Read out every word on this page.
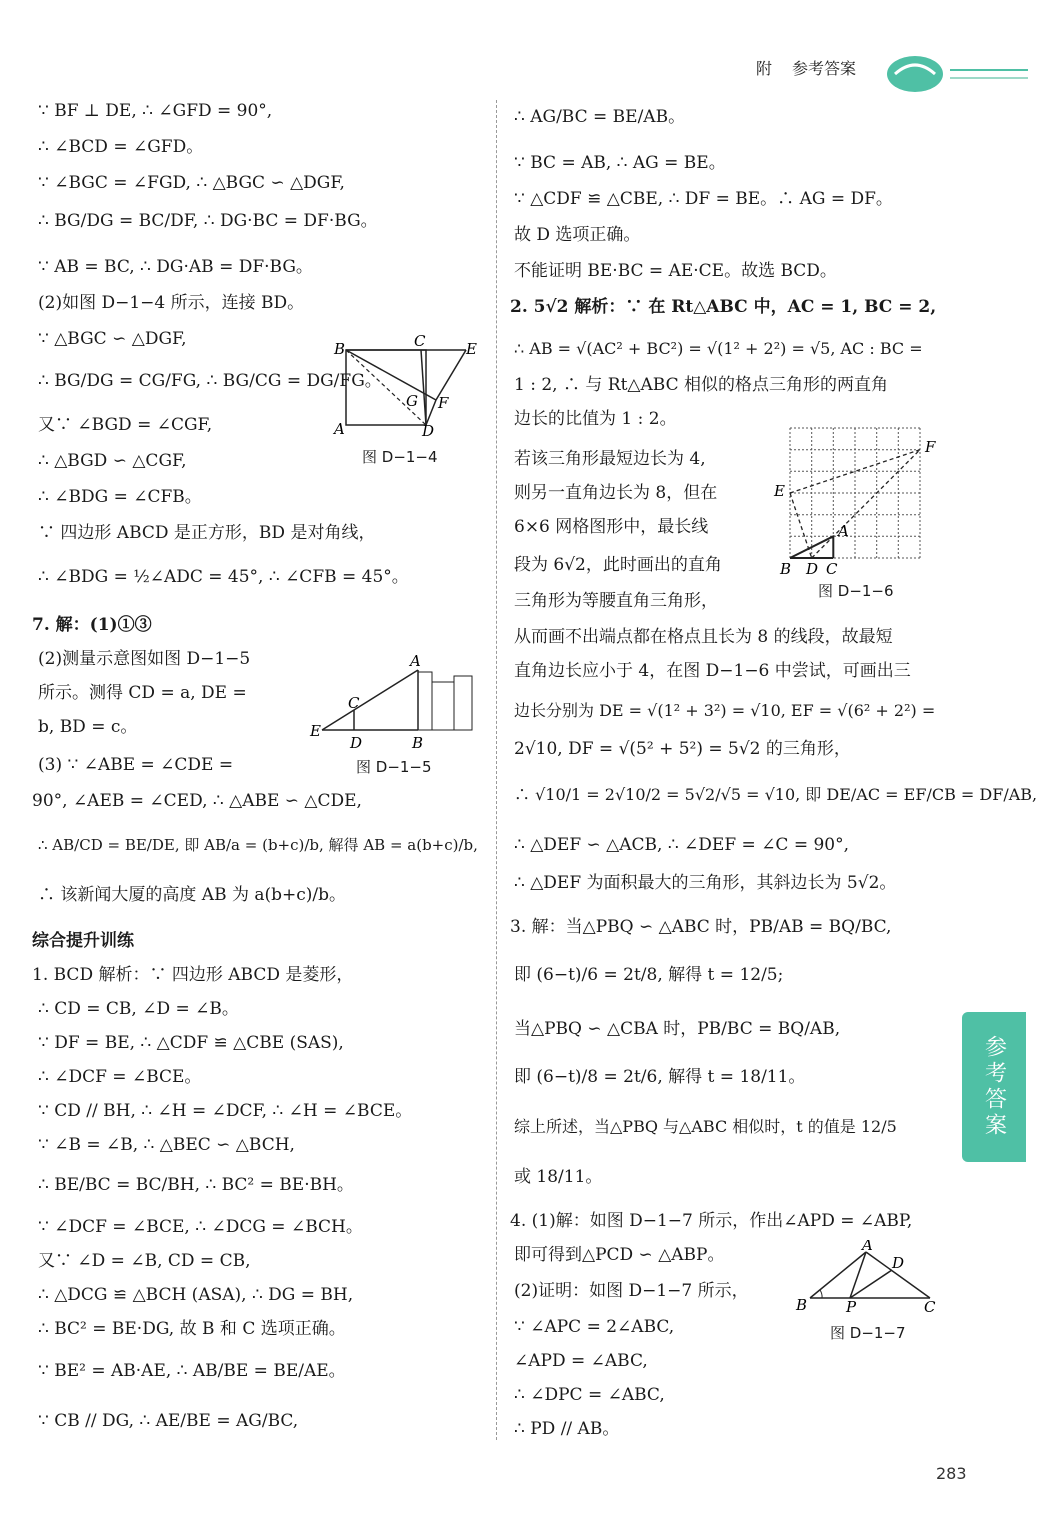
附 参考答案
∵ BF ⊥ DE, ∴ ∠GFD = 90°,
∴ ∠BCD = ∠GFD。
∵ ∠BGC = ∠FGD, ∴ △BGC ∽ △DGF,
∴ BG/DG = BC/DF, ∴ DG·BC = DF·BG。
∵ AB = BC, ∴ DG·AB = DF·BG。
(2)如图 D−1−4 所示，连接 BD。
∵ △BGC ∽ △DGF,
∴ BG/DG = CG/FG, ∴ BG/CG = DG/FG。
又∵ ∠BGD = ∠CGF,
∴ △BGD ∽ △CGF,
∴ ∠BDG = ∠CFB。
∵ 四边形 ABCD 是正方形，BD 是对角线，
∴ ∠BDG = ½∠ADC = 45°, ∴ ∠CFB = 45°。
7. 解：(1)①③
(2)测量示意图如图 D−1−5
所示。测得 CD = a, DE =
b, BD = c。
(3) ∵ ∠ABE = ∠CDE =
90°, ∠AEB = ∠CED, ∴ △ABE ∽ △CDE,
∴ AB/CD = BE/DE, 即 AB/a = (b+c)/b, 解得 AB = a(b+c)/b,
∴ 该新闻大厦的高度 AB 为 a(b+c)/b。
综合提升训练
1. BCD 解析：∵ 四边形 ABCD 是菱形，
∴ CD = CB, ∠D = ∠B。
∵ DF = BE, ∴ △CDF ≌ △CBE (SAS),
∴ ∠DCF = ∠BCE。
∵ CD // BH, ∴ ∠H = ∠DCF, ∴ ∠H = ∠BCE。
∵ ∠B = ∠B, ∴ △BEC ∽ △BCH,
∴ BE/BC = BC/BH, ∴ BC² = BE·BH。
∵ ∠DCF = ∠BCE, ∴ ∠DCG = ∠BCH。
又∵ ∠D = ∠B, CD = CB,
∴ △DCG ≌ △BCH (ASA), ∴ DG = BH,
∴ BC² = BE·DG, 故 B 和 C 选项正确。
∵ BE² = AB·AE, ∴ AB/BE = BE/AE。
∵ CB // DG, ∴ AE/BE = AG/BC,
B	C	E
G F
A	D
图 D−1−4
A
C
E
D	B
图 D−1−5
∴ AG/BC = BE/AB。
∵ BC = AB, ∴ AG = BE。
∵ △CDF ≌ △CBE, ∴ DF = BE。∴ AG = DF。
故 D 选项正确。
不能证明 BE·BC = AE·CE。故选 BCD。
2. 5√2 解析：∵ 在 Rt△ABC 中，AC = 1, BC = 2,
∴ AB = √(AC² + BC²) = √(1² + 2²) = √5, AC : BC =
1 : 2, ∴ 与 Rt△ABC 相似的格点三角形的两直角
边长的比值为 1 : 2。
若该三角形最短边长为 4,
则另一直角边长为 8，但在
6×6 网格图形中，最长线
段为 6√2，此时画出的直角
三角形为等腰直角三角形，
从而画不出端点都在格点且长为 8 的线段，故最短
直角边长应小于 4，在图 D−1−6 中尝试，可画出三
边长分别为 DE = √(1² + 3²) = √10, EF = √(6² + 2²) =
2√10, DF = √(5² + 5²) = 5√2 的三角形，
∴ √10/1 = 2√10/2 = 5√2/√5 = √10, 即 DE/AC = EF/CB = DF/AB,
∴ △DEF ∽ △ACB, ∴ ∠DEF = ∠C = 90°,
∴ △DEF 为面积最大的三角形，其斜边长为 5√2。
3. 解：当△PBQ ∽ △ABC 时，PB/AB = BQ/BC,
即 (6−t)/6 = 2t/8, 解得 t = 12/5;
当△PBQ ∽ △CBA 时，PB/BC = BQ/AB,
即 (6−t)/8 = 2t/6, 解得 t = 18/11。
综上所述，当△PBQ 与△ABC 相似时，t 的值是 12/5
或 18/11。
4. (1)解：如图 D−1−7 所示，作出∠APD = ∠ABP,
即可得到△PCD ∽ △ABP。
(2)证明：如图 D−1−7 所示，
∵ ∠APC = 2∠ABC,
∠APD = ∠ABC,
∴ ∠DPC = ∠ABC,
∴ PD // AB。
F
E
A
B D C
图 D−1−6
A
D
B	P	C
图 D−1−7
参考答案
283
